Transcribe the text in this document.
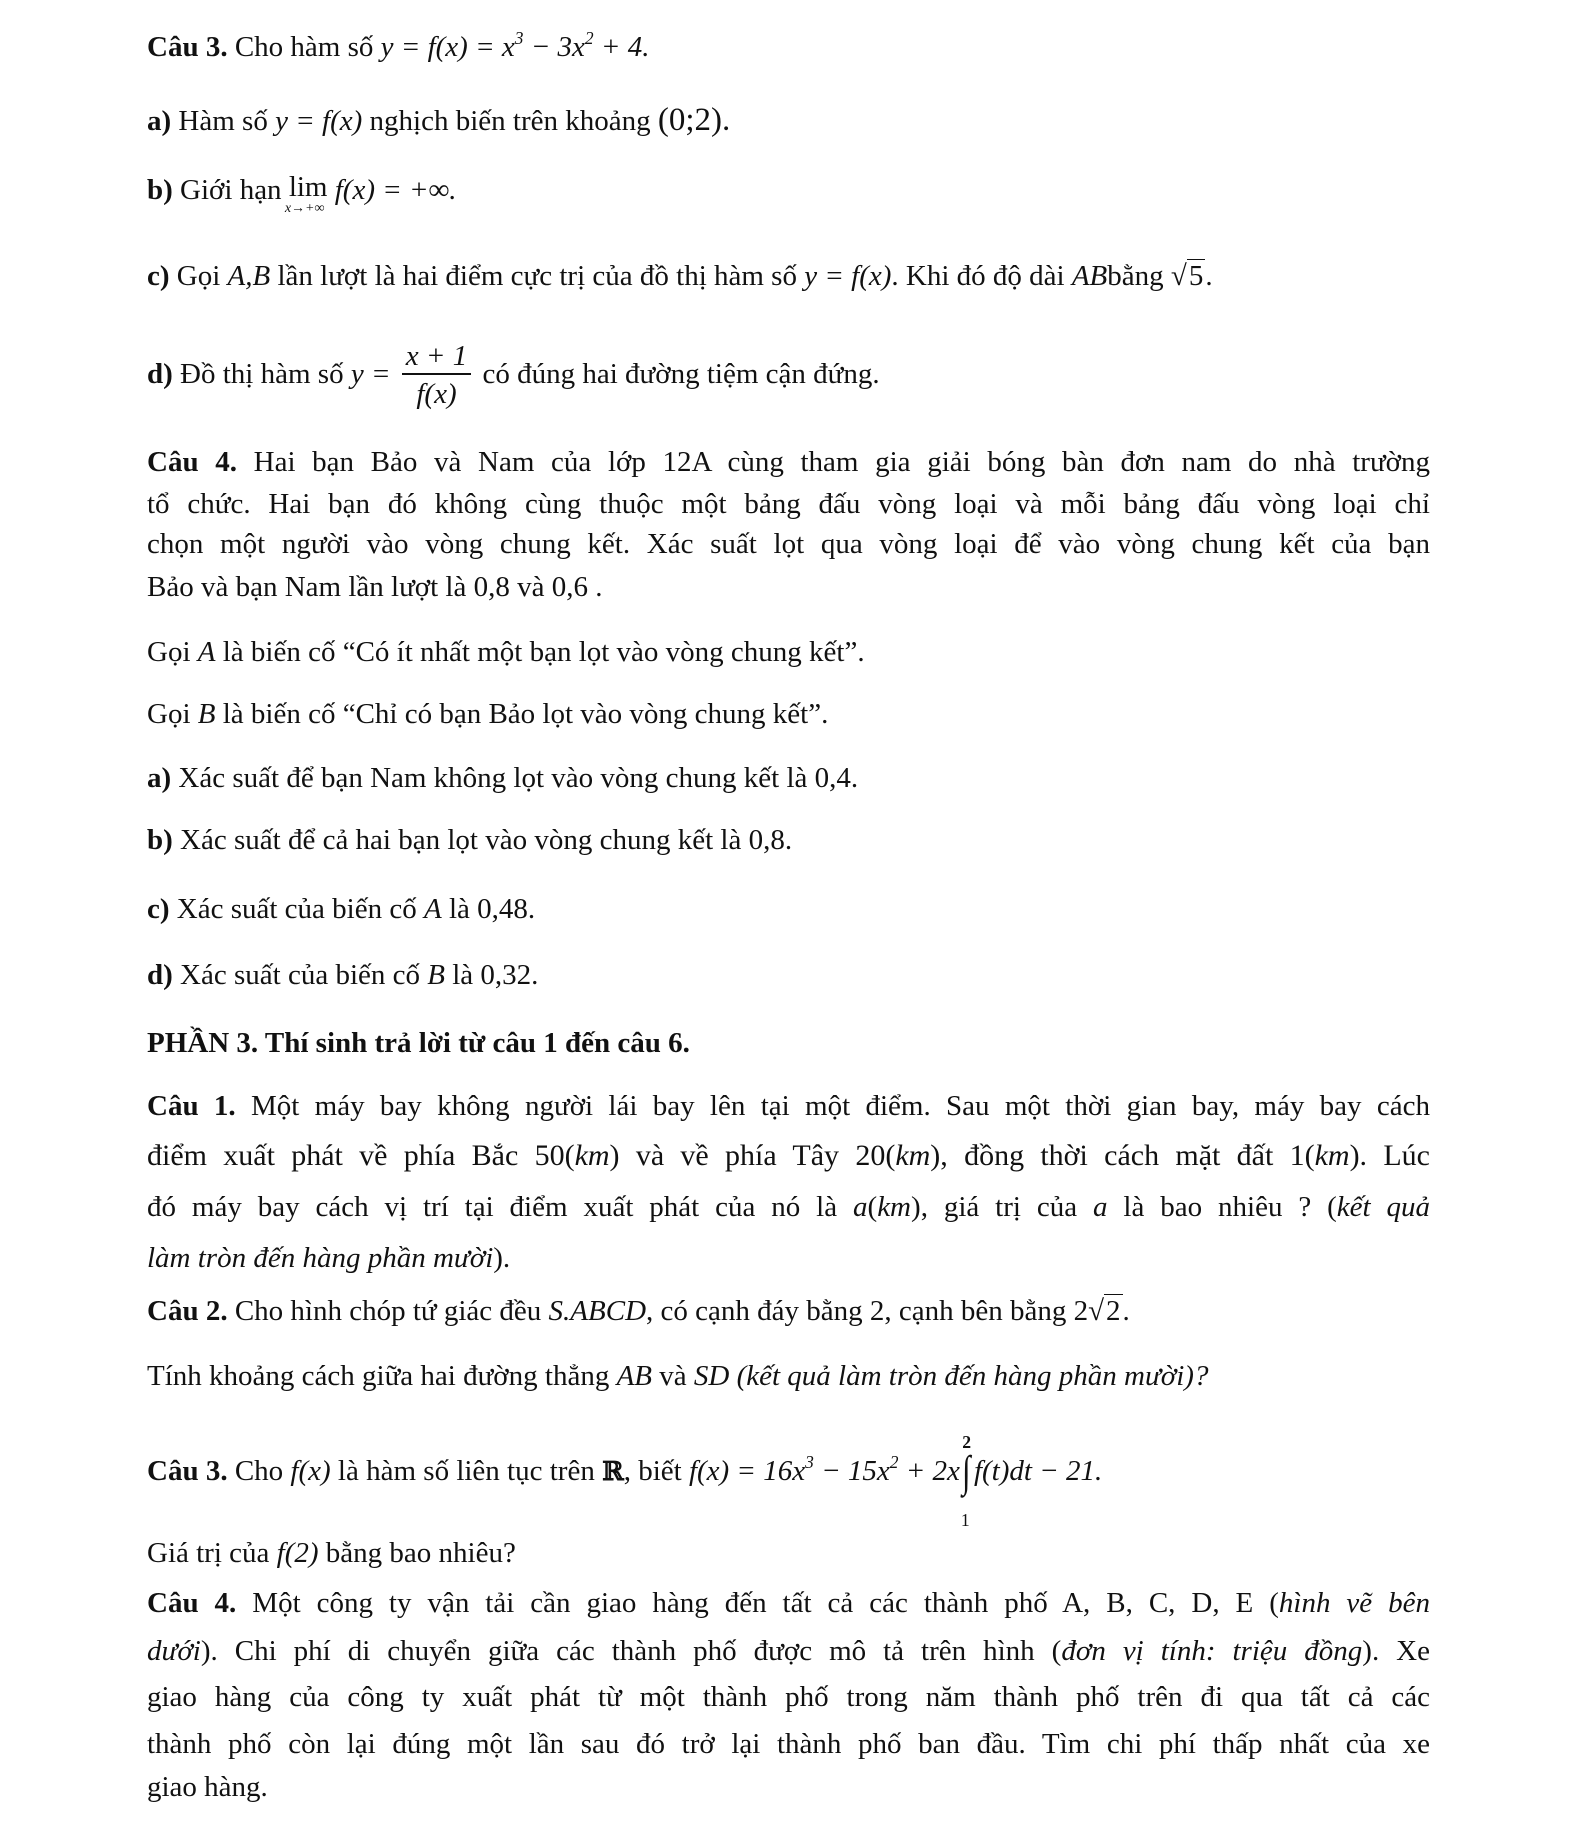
Câu 3. Cho hàm số $y = f(x) = x^3 - 3x^2 + 4$.
a) Hàm số y = f(x) nghịch biến trên khoảng (0;2).
b) Giới hạn lim
x→+∞
f(x) = +∞.
c) Gọi A,B lần lượt là hai điểm cực trị của đồ thị hàm số y = f(x). Khi đó độ dài ABbằng √5.
d) Đồ thị hàm số $y = \frac{x + 1}{f(x)}$ có đúng hai đường tiệm cận đứng.
Câu 4. Hai bạn Bảo và Nam của lớp 12A cùng tham gia giải bóng bàn đơn nam do nhà trường
tổ chức. Hai bạn đó không cùng thuộc một bảng đấu vòng loại và mỗi bảng đấu vòng loại chỉ
chọn một người vào vòng chung kết. Xác suất lọt qua vòng loại để vào vòng chung kết của bạn
Bảo và bạn Nam lần lượt là 0,8 và 0,6 .
Gọi A là biến cố “Có ít nhất một bạn lọt vào vòng chung kết”.
Gọi B là biến cố “Chỉ có bạn Bảo lọt vào vòng chung kết”.
a) Xác suất để bạn Nam không lọt vào vòng chung kết là 0,4.
b) Xác suất để cả hai bạn lọt vào vòng chung kết là 0,8.
c) Xác suất của biến cố A là 0,48.
d) Xác suất của biến cố B là 0,32.
PHẦN 3. Thí sinh trả lời từ câu 1 đến câu 6.
Câu 1. Một máy bay không người lái bay lên tại một điểm. Sau một thời gian bay, máy bay cách
điểm xuất phát về phía Bắc 50(km) và về phía Tây 20(km), đồng thời cách mặt đất 1(km). Lúc
đó máy bay cách vị trí tại điểm xuất phát của nó là a(km), giá trị của a là bao nhiêu ? (kết quả
làm tròn đến hàng phần mười).
Câu 2. Cho hình chóp tứ giác đều S.ABCD, có cạnh đáy bằng 2, cạnh bên bằng 2√2.
Tính khoảng cách giữa hai đường thẳng AB và SD (kết quả làm tròn đến hàng phần mười)?
Câu 3. Cho f(x) là hàm số liên tục trên ℝ, biết $f(x) = 16x^3 - 15x^2 + 2x\int$
2
1
f(t)dt − 21.
Giá trị của f(2) bằng bao nhiêu?
Câu 4. Một công ty vận tải cần giao hàng đến tất cả các thành phố A, B, C, D, E (hình vẽ bên
dưới). Chi phí di chuyển giữa các thành phố được mô tả trên hình (đơn vị tính: triệu đồng). Xe
giao hàng của công ty xuất phát từ một thành phố trong năm thành phố trên đi qua tất cả các
thành phố còn lại đúng một lần sau đó trở lại thành phố ban đầu. Tìm chi phí thấp nhất của xe
giao hàng.
